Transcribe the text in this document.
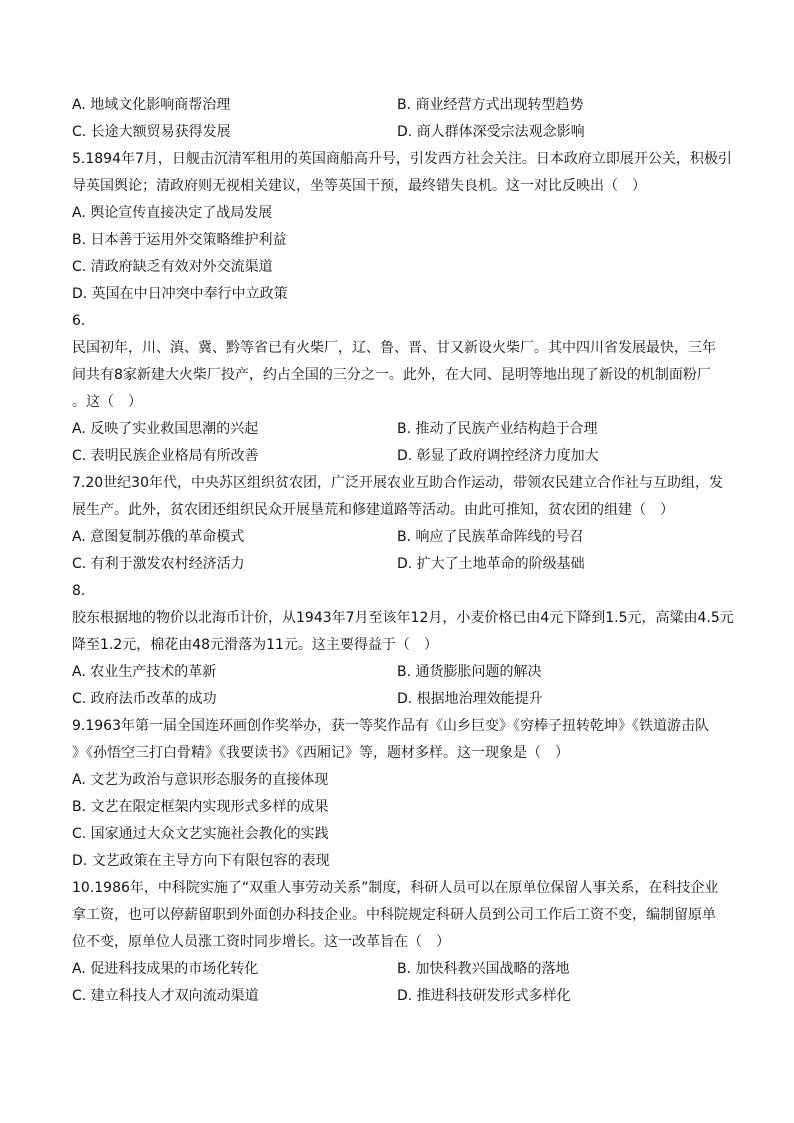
A. 地域文化影响商帮治理	B. 商业经营方式出现转型趋势
C. 长途大额贸易获得发展	D. 商人群体深受宗法观念影响
5.1894年7月，日舰击沉清军租用的英国商船高升号，引发西方社会关注。日本政府立即展开公关，积极引
导英国舆论；清政府则无视相关建议，坐等英国干预，最终错失良机。这一对比反映出（　）
A. 舆论宣传直接决定了战局发展
B. 日本善于运用外交策略维护利益
C. 清政府缺乏有效对外交流渠道
D. 英国在中日冲突中奉行中立政策
6.
民国初年，川、滇、冀、黔等省已有火柴厂，辽、鲁、晋、甘又新设火柴厂。其中四川省发展最快，三年
间共有8家新建大火柴厂投产，约占全国的三分之一。此外，在大同、昆明等地出现了新设的机制面粉厂
。这（　）
A. 反映了实业救国思潮的兴起	B. 推动了民族产业结构趋于合理
C. 表明民族企业格局有所改善	D. 彰显了政府调控经济力度加大
7.20世纪30年代，中央苏区组织贫农团，广泛开展农业互助合作运动，带领农民建立合作社与互助组，发
展生产。此外，贫农团还组织民众开展垦荒和修建道路等活动。由此可推知，贫农团的组建（　）
A. 意图复制苏俄的革命模式	B. 响应了民族革命阵线的号召
C. 有利于激发农村经济活力	D. 扩大了土地革命的阶级基础
8.
胶东根据地的物价以北海币计价，从1943年7月至该年12月，小麦价格已由4元下降到1.5元，高粱由4.5元
降至1.2元，棉花由48元滑落为11元。这主要得益于（　）
A. 农业生产技术的革新	B. 通货膨胀问题的解决
C. 政府法币改革的成功	D. 根据地治理效能提升
9.1963年第一届全国连环画创作奖举办，获一等奖作品有《山乡巨变》《穷棒子扭转乾坤》《铁道游击队
》《孙悟空三打白骨精》《我要读书》《西厢记》等，题材多样。这一现象是（　）
A. 文艺为政治与意识形态服务的直接体现
B. 文艺在限定框架内实现形式多样的成果
C. 国家通过大众文艺实施社会教化的实践
D. 文艺政策在主导方向下有限包容的表现
10.1986年，中科院实施了“双重人事劳动关系”制度，科研人员可以在原单位保留人事关系，在科技企业
拿工资，也可以停薪留职到外面创办科技企业。中科院规定科研人员到公司工作后工资不变，编制留原单
位不变，原单位人员涨工资时同步增长。这一改革旨在（　）
A. 促进科技成果的市场化转化	B. 加快科教兴国战略的落地
C. 建立科技人才双向流动渠道	D. 推进科技研发形式多样化
